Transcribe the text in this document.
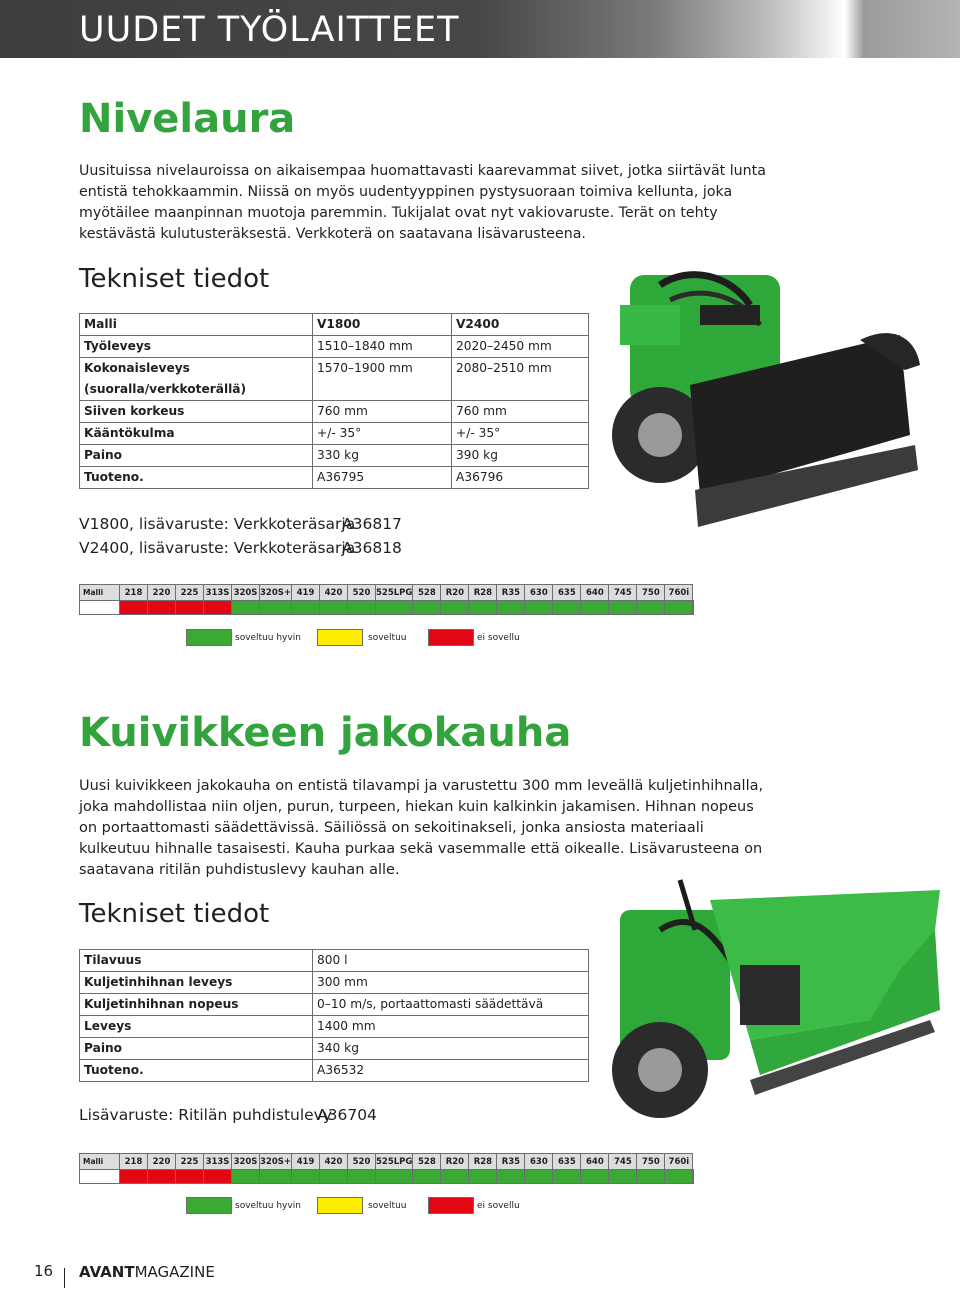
UUDET TYÖLAITTEET
Nivelaura

Uusituissa nivelauroissa on aikaisempaa huomattavasti kaarevammat siivet, jotka siirtävät lunta entistä tehokkaammin. Niissä on myös uudentyyppinen pystysuoraan toimiva kellunta, joka myötäilee maanpinnan muotoja paremmin. Tukijalat ovat nyt vakiovaruste. Terät on tehty kestävästä kulutusteräksestä. Verkkoterä on saatavana lisävarusteena.

Tekniset tiedot
Malli	V1800	V2400
Työleveys	1510–1840 mm	2020–2450 mm
Kokonaisleveys (suoralla/verkkoterällä)	1570–1900 mm	2080–2510 mm
Siiven korkeus	760 mm	760 mm
Kääntökulma	+/- 35°	+/- 35°
Paino	330 kg	390 kg
Tuoteno.	A36795	A36796
V1800, lisävaruste: Verkkoteräsarja
A36817
V2400, lisävaruste: Verkkoteräsarja
A36818
Malli	218	220	225	313S	320S	320S+	419	420	520	525LPG	528	R20	R28	R35	630	635	640	745	750	760i	

soveltuu hyvin	soveltuu	ei sovellu
Kuivikkeen jakokauha

Uusi kuivikkeen jakokauha on entistä tilavampi ja varustettu 300 mm leveällä kuljetinhihnalla, joka mahdollistaa niin oljen, purun, turpeen, hiekan kuin kalkinkin jakamisen. Hihnan nopeus on portaattomasti säädettävissä. Säiliössä on sekoitinakseli, jonka ansiosta materiaali kulkeutuu hihnalle tasaisesti. Kauha purkaa sekä vasemmalle että oikealle. Lisävarusteena on saatavana ritilän puhdistuslevy kauhan alle.

Tekniset tiedot
Tilavuus	800 l
Kuljetinhihnan leveys	300 mm
Kuljetinhihnan nopeus	0–10 m/s, portaattomasti säädettävä
Leveys	1400 mm
Paino	340 kg
Tuoteno.	A36532
Lisävaruste: Ritilän puhdistulevy
A36704
Malli	218	220	225	313S	320S	320S+	419	420	520	525LPG	528	R20	R28	R35	630	635	640	745	750	760i	

soveltuu hyvin	soveltuu	ei sovellu
16 AVANTMAGAZINE
